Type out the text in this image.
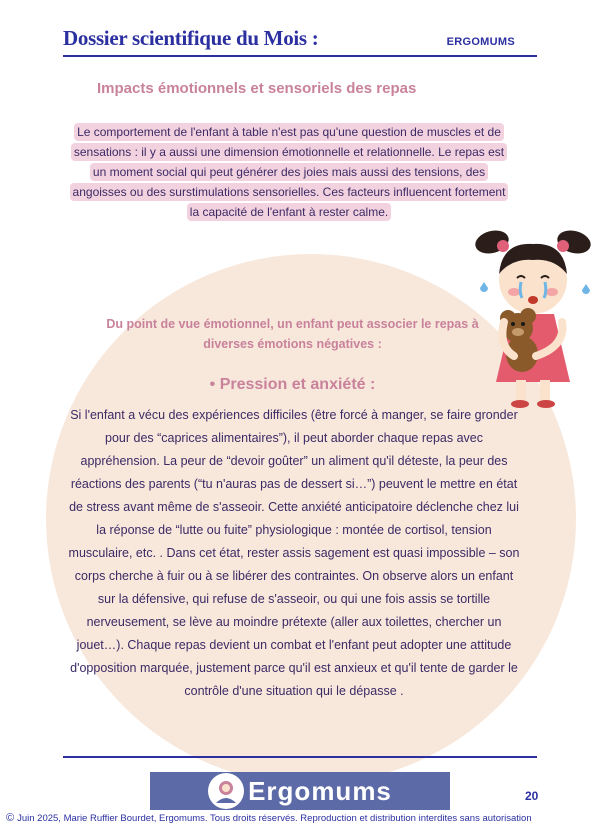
Dossier scientifique du Mois :	ERGOMUMS
Impacts émotionnels et sensoriels des repas
Le comportement de l'enfant à table n'est pas qu'une question de muscles et de
sensations : il y a aussi une dimension émotionnelle et relationnelle. Le repas est
un moment social qui peut générer des joies mais aussi des tensions, des
angoisses ou des surstimulations sensorielles. Ces facteurs influencent fortement
la capacité de l'enfant à rester calme.
Du point de vue émotionnel, un enfant peut associer le repas à diverses émotions négatives :
• Pression et anxiété :
Si l'enfant a vécu des expériences difficiles (être forcé à manger, se faire gronder pour des “caprices alimentaires”), il peut aborder chaque repas avec appréhension. La peur de “devoir goûter” un aliment qu'il déteste, la peur des réactions des parents (“tu n'auras pas de dessert si…”) peuvent le mettre en état de stress avant même de s'asseoir. Cette anxiété anticipatoire déclenche chez lui la réponse de “lutte ou fuite” physiologique : montée de cortisol, tension musculaire, etc. . Dans cet état, rester assis sagement est quasi impossible – son corps cherche à fuir ou à se libérer des contraintes. On observe alors un enfant sur la défensive, qui refuse de s'asseoir, ou qui une fois assis se tortille nerveusement, se lève au moindre prétexte (aller aux toilettes, chercher un jouet…). Chaque repas devient un combat et l'enfant peut adopter une attitude d'opposition marquée, justement parce qu'il est anxieux et qu'il tente de garder le contrôle d'une situation qui le dépasse .
Ergomums	20
© Juin 2025, Marie Ruffier Bourdet, Ergomums. Tous droits réservés. Reproduction et distribution interdites sans autorisation
